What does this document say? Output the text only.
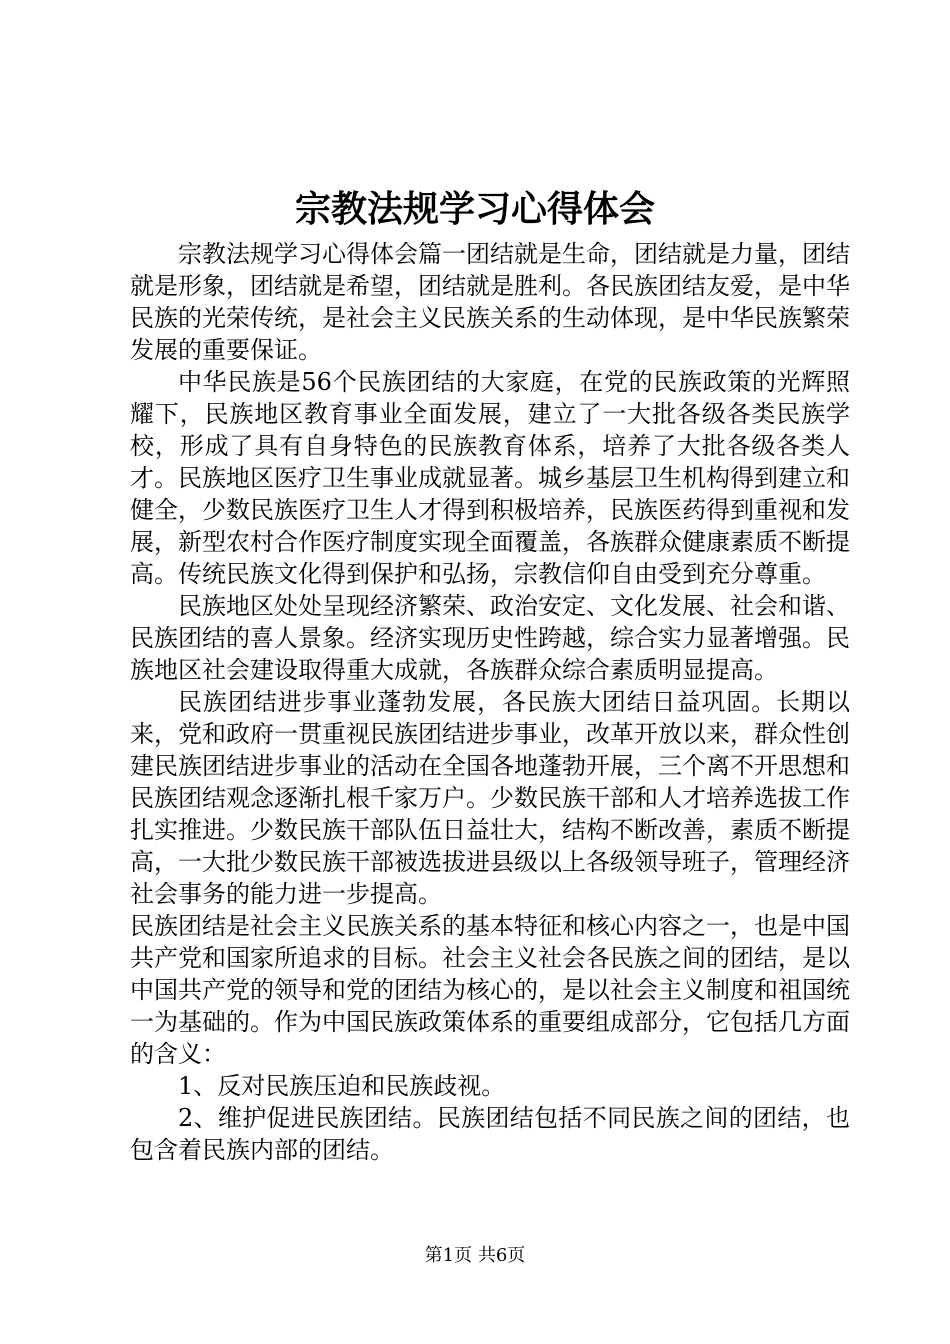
宗教法规学习心得体会

宗教法规学习心得体会篇一团结就是生命，团结就是力量，团结就是形象，团结就是希望，团结就是胜利。各民族团结友爱，是中华民族的光荣传统，是社会主义民族关系的生动体现，是中华民族繁荣发展的重要保证。

中华民族是56个民族团结的大家庭，在党的民族政策的光辉照耀下，民族地区教育事业全面发展，建立了一大批各级各类民族学校，形成了具有自身特色的民族教育体系，培养了大批各级各类人才。民族地区医疗卫生事业成就显著。城乡基层卫生机构得到建立和健全，少数民族医疗卫生人才得到积极培养，民族医药得到重视和发展，新型农村合作医疗制度实现全面覆盖，各族群众健康素质不断提高。传统民族文化得到保护和弘扬，宗教信仰自由受到充分尊重。

民族地区处处呈现经济繁荣、政治安定、文化发展、社会和谐、民族团结的喜人景象。经济实现历史性跨越，综合实力显著增强。民族地区社会建设取得重大成就，各族群众综合素质明显提高。

民族团结进步事业蓬勃发展，各民族大团结日益巩固。长期以来，党和政府一贯重视民族团结进步事业，改革开放以来，群众性创建民族团结进步事业的活动在全国各地蓬勃开展，三个离不开思想和民族团结观念逐渐扎根千家万户。少数民族干部和人才培养选拔工作扎实推进。少数民族干部队伍日益壮大，结构不断改善，素质不断提高，一大批少数民族干部被选拔进县级以上各级领导班子，管理经济社会事务的能力进一步提高。

民族团结是社会主义民族关系的基本特征和核心内容之一，也是中国共产党和国家所追求的目标。社会主义社会各民族之间的团结，是以中国共产党的领导和党的团结为核心的，是以社会主义制度和祖国统一为基础的。作为中国民族政策体系的重要组成部分，它包括几方面的含义：

1、反对民族压迫和民族歧视。

2、维护促进民族团结。民族团结包括不同民族之间的团结，也包含着民族内部的团结。

第1页 共6页
